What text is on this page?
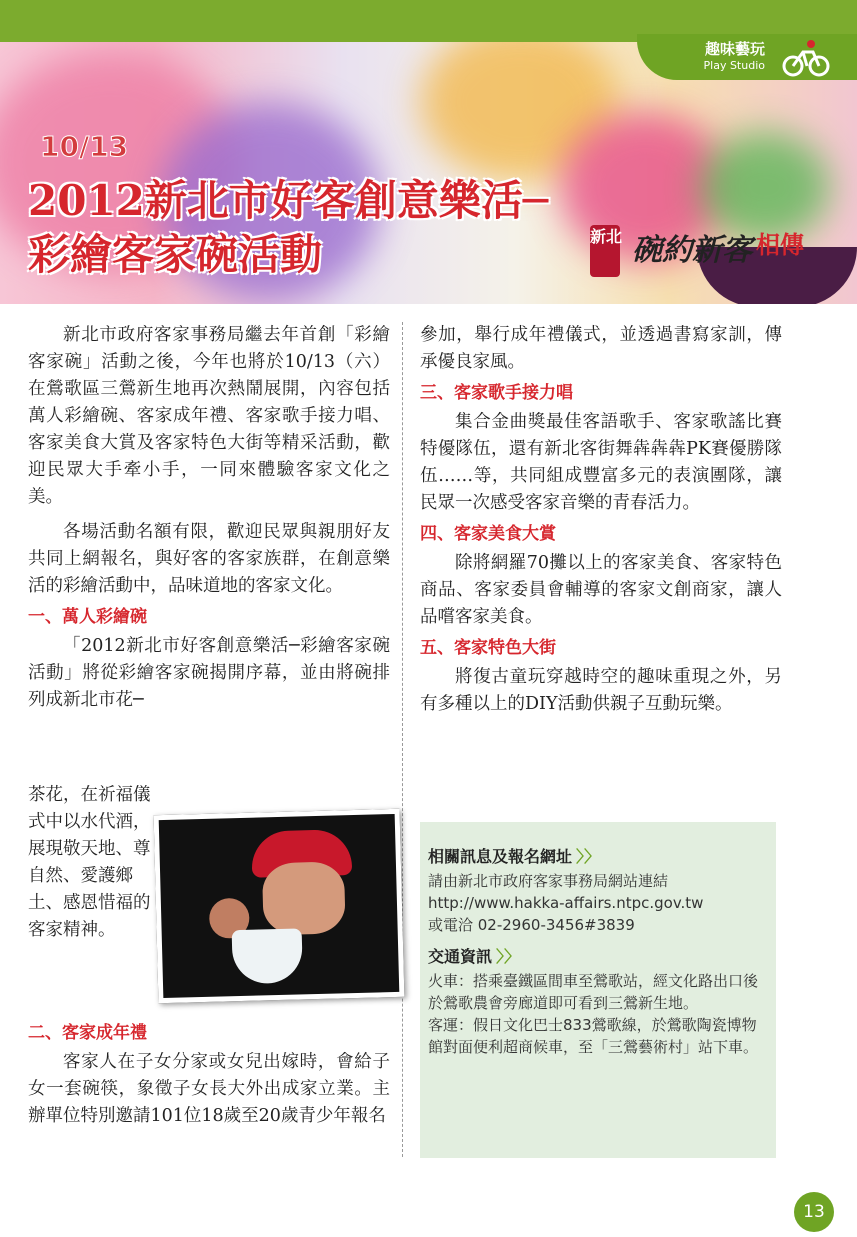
趣味藝玩
Play Studio
10/13
2012新北市好客創意樂活─
彩繪客家碗活動	新北 碗約新客 相傳

新北市政府客家事務局繼去年首創「彩繪客家碗」活動之後，今年也將於10/13（六）在鶯歌區三鶯新生地再次熱鬧展開，內容包括萬人彩繪碗、客家成年禮、客家歌手接力唱、客家美食大賞及客家特色大街等精采活動，歡迎民眾大手牽小手，一同來體驗客家文化之美。

各場活動名額有限，歡迎民眾與親朋好友共同上網報名，與好客的客家族群，在創意樂活的彩繪活動中，品味道地的客家文化。

一、萬人彩繪碗

「2012新北市好客創意樂活─彩繪客家碗活動」將從彩繪客家碗揭開序幕，並由將碗排列成新北市花─

茶花，在祈福儀式中以水代酒，展現敬天地、尊自然、愛護鄉土、感恩惜福的客家精神。
二、客家成年禮

客家人在子女分家或女兒出嫁時，會給子女一套碗筷，象徵子女長大外出成家立業。主辦單位特別邀請101位18歲至20歲青少年報名

參加，舉行成年禮儀式，並透過書寫家訓，傳承優良家風。

三、客家歌手接力唱

集合金曲獎最佳客語歌手、客家歌謠比賽特優隊伍，還有新北客街舞犇犇犇PK賽優勝隊伍……等，共同組成豐富多元的表演團隊，讓民眾一次感受客家音樂的青春活力。

四、客家美食大賞

除將網羅70攤以上的客家美食、客家特色商品、客家委員會輔導的客家文創商家，讓人品嚐客家美食。

五、客家特色大街

將復古童玩穿越時空的趣味重現之外，另有多種以上的DIY活動供親子互動玩樂。

相關訊息及報名網址 〉〉
請由新北市政府客家事務局網站連結
http://www.hakka-affairs.ntpc.gov.tw
或電洽 02-2960-3456#3839
交通資訊 〉〉
火車：搭乘臺鐵區間車至鶯歌站，經文化路出口後於鶯歌農會旁廊道即可看到三鶯新生地。
客運：假日文化巴士833鶯歌線，於鶯歌陶瓷博物館對面便利超商候車，至「三鶯藝術村」站下車。
13
